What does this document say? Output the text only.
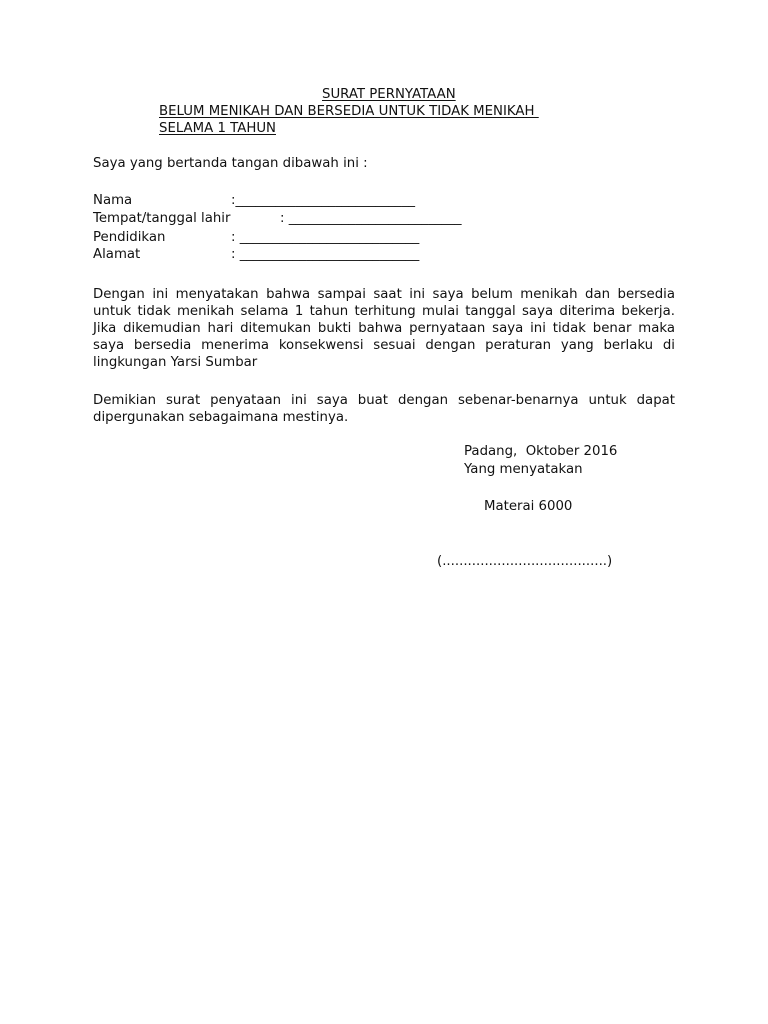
SURAT PERNYATAAN
BELUM MENIKAH DAN BERSEDIA UNTUK TIDAK MENIKAH
SELAMA 1 TAHUN
Saya yang bertanda tangan dibawah ini :
Nama	:___________________________
Tempat/tanggal lahir	: __________________________
Pendidikan	: ___________________________
Alamat	: ___________________________
Dengan ini menyatakan bahwa sampai saat ini saya belum menikah dan bersedia untuk tidak menikah selama 1 tahun terhitung mulai tanggal saya diterima bekerja. Jika dikemudian hari ditemukan bukti bahwa pernyataan saya ini tidak benar maka saya bersedia menerima konsekwensi sesuai dengan peraturan yang berlaku di lingkungan Yarsi Sumbar
Demikian surat penyataan ini saya buat dengan sebenar-benarnya untuk dapat dipergunakan sebagaimana mestinya.
Padang,  Oktober 2016
Yang menyatakan
Materai 6000
(.......................................)
